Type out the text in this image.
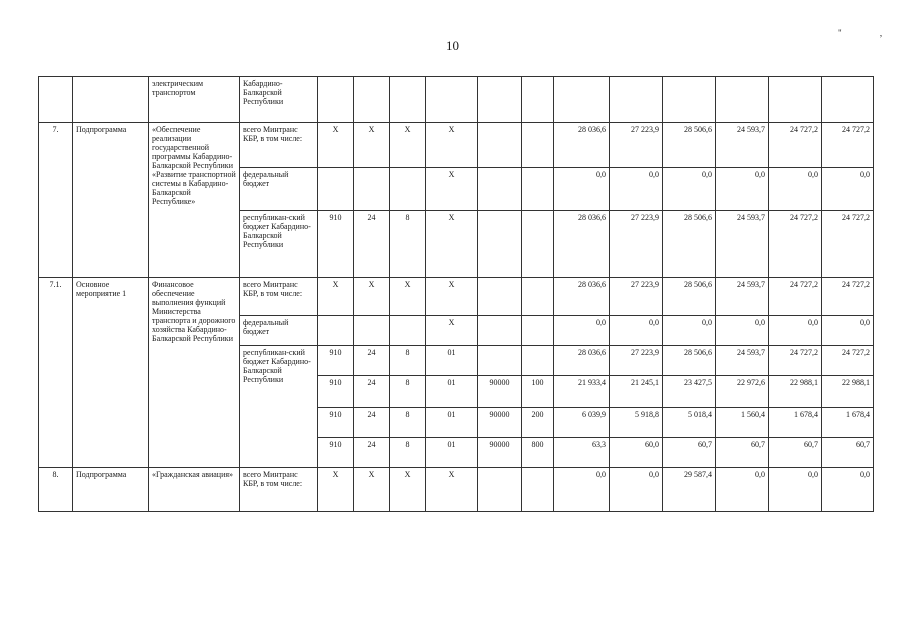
10
" ,
		электрическим транспортом	Кабардино-Балкарской Республики												
7.	Подпрограмма	«Обеспечение реализации государственной программы Кабардино-Балкарской Республики «Развитие транспортной системы в Кабардино-Балкарской Республике»	всего Минтранс КБР, в том числе:	X	X	X	X			28 036,6	27 223,9	28 506,6	24 593,7	24 727,2	24 727,2
			федеральный бюджет				X			0,0	0,0	0,0	0,0	0,0	0,0
			республикан-ский бюджет Кабардино-Балкарской Республики	910	24	8	X			28 036,6	27 223,9	28 506,6	24 593,7	24 727,2	24 727,2
7.1.	Основное мероприятие 1	Финансовое обеспечение выполнения функций Министерства транспорта и дорожного хозяйства Кабардино-Балкарской Республики	всего Минтранс КБР, в том числе:	X	X	X	X			28 036,6	27 223,9	28 506,6	24 593,7	24 727,2	24 727,2
			федеральный бюджет				X			0,0	0,0	0,0	0,0	0,0	0,0
			республикан-ский бюджет Кабардино-Балкарской Республики	910	24	8	01			28 036,6	27 223,9	28 506,6	24 593,7	24 727,2	24 727,2
				910	24	8	01	90000	100	21 933,4	21 245,1	23 427,5	22 972,6	22 988,1	22 988,1
				910	24	8	01	90000	200	6 039,9	5 918,8	5 018,4	1 560,4	1 678,4	1 678,4
				910	24	8	01	90000	800	63,3	60,0	60,7	60,7	60,7	60,7
8.	Подпрограмма	«Гражданская авиация»	всего Минтранс КБР, в том числе:	X	X	X	X			0,0	0,0	29 587,4	0,0	0,0	0,0
